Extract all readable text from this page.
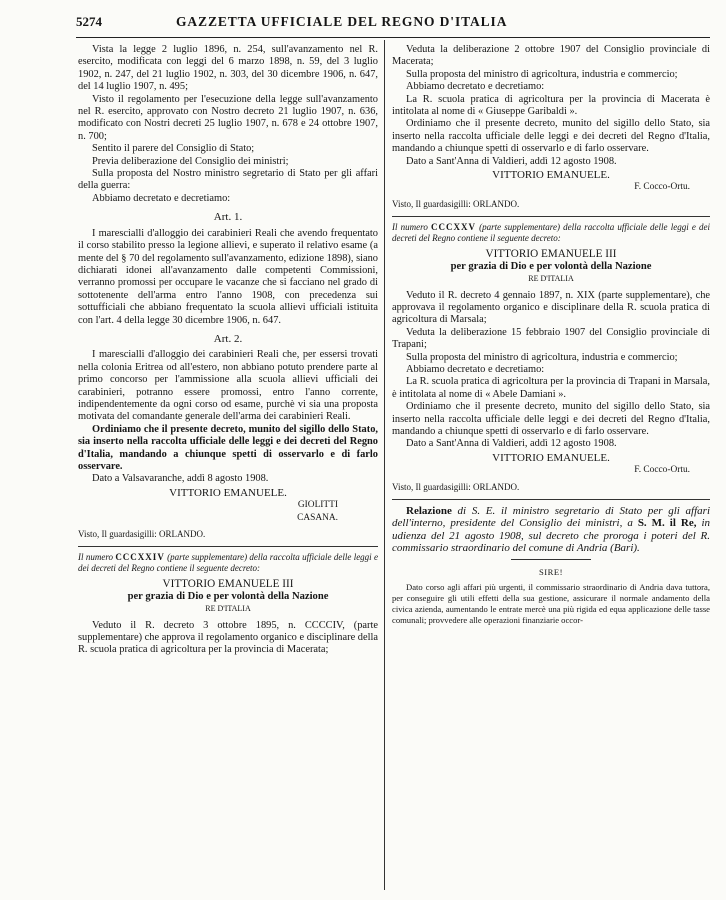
5274	GAZZETTA UFFICIALE DEL REGNO D'ITALIA

Vista la legge 2 luglio 1896, n. 254, sull'avanzamento nel R. esercito, modificata con leggi del 6 marzo 1898, n. 59, del 3 luglio 1902, n. 247, del 21 luglio 1902, n. 303, del 30 dicembre 1906, n. 647, del 14 luglio 1907, n. 495;

Visto il regolamento per l'esecuzione della legge sull'avanzamento nel R. esercito, approvato con Nostro decreto 21 luglio 1907, n. 636, modificato con Nostri decreti 25 luglio 1907, n. 678 e 24 ottobre 1907, n. 700;

Sentito il parere del Consiglio di Stato;

Previa deliberazione del Consiglio dei ministri;

Sulla proposta del Nostro ministro segretario di Stato per gli affari della guerra:

Abbiamo decretato e decretiamo:

Art. 1.

I marescialli d'alloggio dei carabinieri Reali che avendo frequentato il corso stabilito presso la legione allievi, e superato il relativo esame (a mente del § 70 del regolamento sull'avanzamento, edizione 1898), siano dichiarati idonei all'avanzamento dalle competenti Commissioni, verranno promossi per occupare le vacanze che si facciano nel grado di sottotenente dell'arma entro l'anno 1908, con precedenza sui sottufficiali che abbiano frequentato la scuola allievi ufficiali istituita con l'art. 4 della legge 30 dicembre 1906, n. 647.

Art. 2.

I marescialli d'alloggio dei carabinieri Reali che, per essersi trovati nella colonia Eritrea od all'estero, non abbiano potuto prendere parte al primo concorso per l'ammissione alla scuola allievi ufficiali dei carabinieri, potranno essere promossi, entro l'anno corrente, indipendentemente da ogni corso od esame, purchè vi sia una proposta motivata del comandante generale dell'arma dei carabinieri Reali.

Ordiniamo che il presente decreto, munito del sigillo dello Stato, sia inserto nella raccolta ufficiale delle leggi e dei decreti del Regno d'Italia, mandando a chiunque spetti di osservarlo e di farlo osservare.

Dato a Valsavaranche, addì 8 agosto 1908.

VITTORIO EMANUELE.

GIOLITTI

CASANA.

Visto, Il guardasigilli: ORLANDO.

Il numero CCCXXIV (parte supplementare) della raccolta ufficiale delle leggi e dei decreti del Regno contiene il seguente decreto:

VITTORIO EMANUELE III

per grazia di Dio e per volontà della Nazione

RE D'ITALIA

Veduto il R. decreto 3 ottobre 1895, n. CCCCIV, (parte supplementare) che approva il regolamento organico e disciplinare della R. scuola pratica di agricoltura per la provincia di Macerata;

Veduta la deliberazione 2 ottobre 1907 del Consiglio provinciale di Macerata;

Sulla proposta del ministro di agricoltura, industria e commercio;

Abbiamo decretato e decretiamo:

La R. scuola pratica di agricoltura per la provincia di Macerata è intitolata al nome di « Giuseppe Garibaldi ».

Ordiniamo che il presente decreto, munito del sigillo dello Stato, sia inserto nella raccolta ufficiale delle leggi e dei decreti del Regno d'Italia, mandando a chiunque spetti di osservarlo e di farlo osservare.

Dato a Sant'Anna di Valdieri, addì 12 agosto 1908.

VITTORIO EMANUELE.

F. Cocco-Ortu.

Visto, Il guardasigilli: ORLANDO.

Il numero CCCXXV (parte supplementare) della raccolta ufficiale delle leggi e dei decreti del Regno contiene il seguente decreto:

VITTORIO EMANUELE III

per grazia di Dio e per volontà della Nazione

RE D'ITALIA

Veduto il R. decreto 4 gennaio 1897, n. XIX (parte supplementare), che approvava il regolamento organico e disciplinare della R. scuola pratica di agricoltura di Marsala;

Veduta la deliberazione 15 febbraio 1907 del Consiglio provinciale di Trapani;

Sulla proposta del ministro di agricoltura, industria e commercio;

Abbiamo decretato e decretiamo:

La R. scuola pratica di agricoltura per la provincia di Trapani in Marsala, è intitolata al nome di « Abele Damiani ».

Ordiniamo che il presente decreto, munito del sigillo dello Stato, sia inserto nella raccolta ufficiale delle leggi e dei decreti del Regno d'Italia, mandando a chiunque spetti di osservarlo e di farlo osservare.

Dato a Sant'Anna di Valdieri, addì 12 agosto 1908.

VITTORIO EMANUELE.

F. Cocco-Ortu.

Visto, Il guardasigilli: ORLANDO.

Relazione di S. E. il ministro segretario di Stato per gli affari dell'interno, presidente del Consiglio dei ministri, a S. M. il Re, in udienza del 21 agosto 1908, sul decreto che proroga i poteri del R. commissario straordinario del comune di Andria (Bari).

SIRE!

Dato corso agli affari più urgenti, il commissario straordinario di Andria dava tuttora, per conseguire gli utili effetti della sua gestione, assicurare il normale andamento della civica azienda, aumentando le entrate mercè una più rigida ed equa applicazione delle tasse comunali; provvedere alle operazioni finanziarie occor-
